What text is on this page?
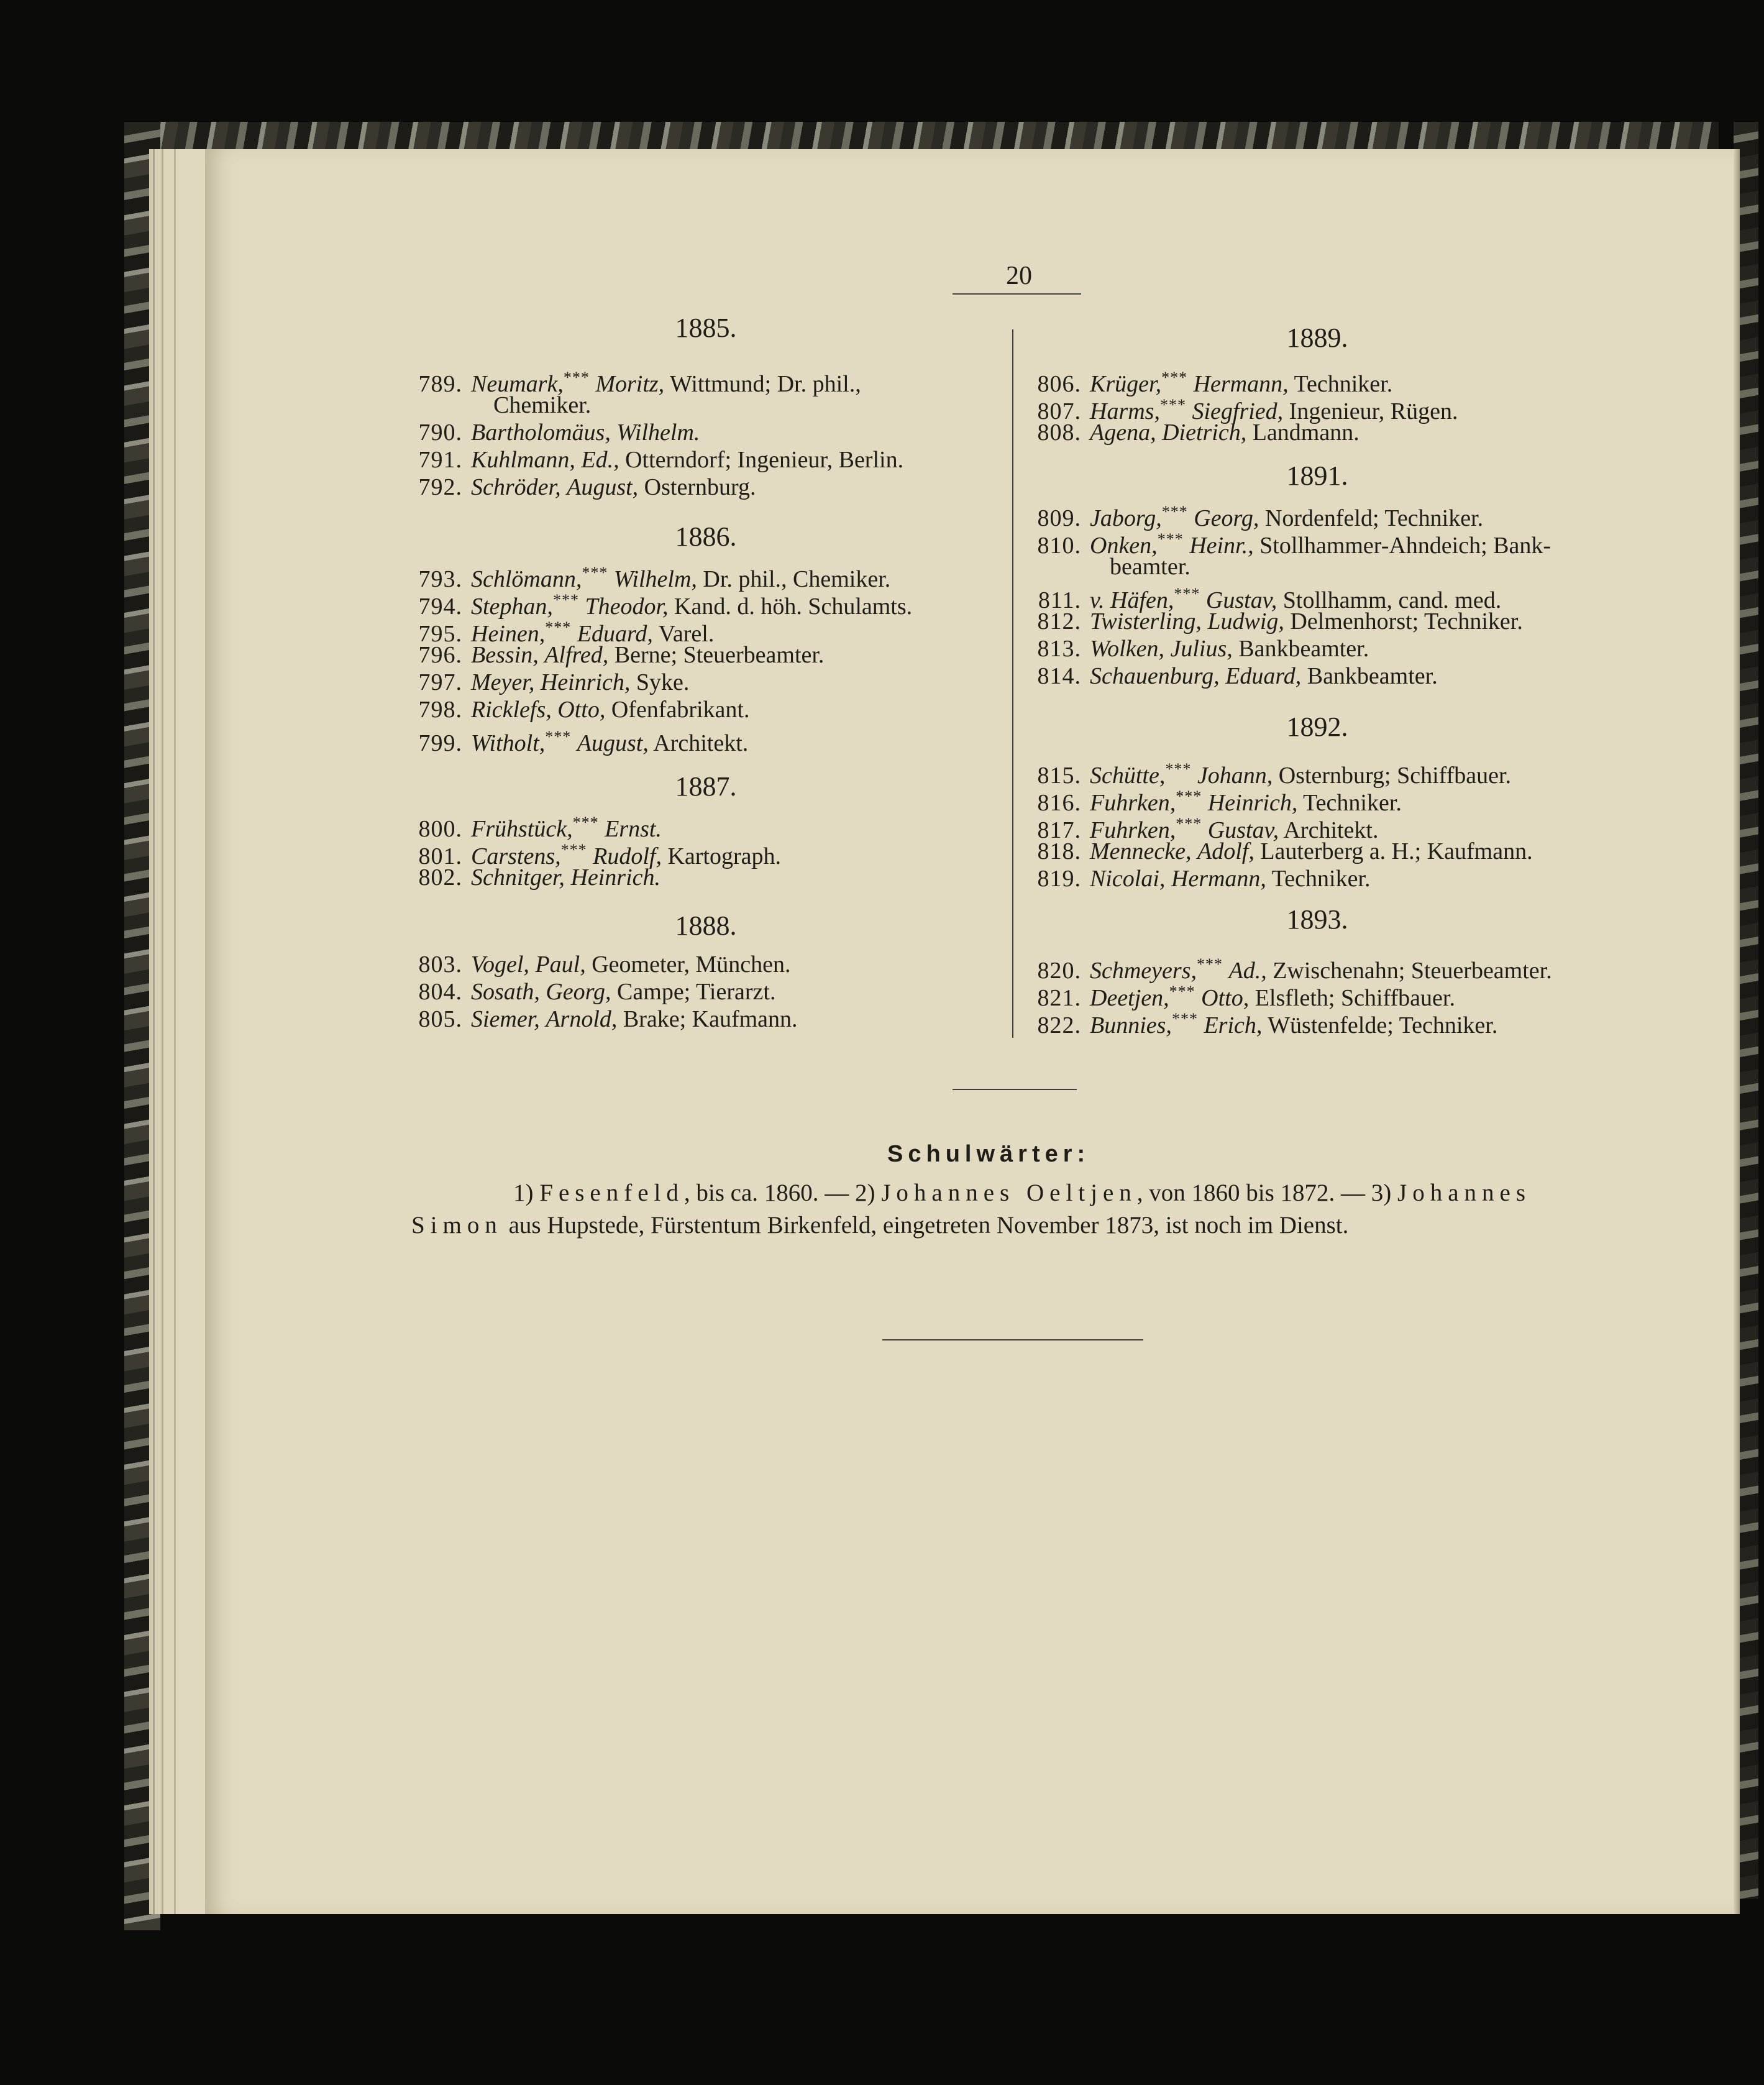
20
1885.
789. Neumark,*** Moritz, Wittmund; Dr. phil.,
Chemiker.
790. Bartholomäus, Wilhelm.
791. Kuhlmann, Ed., Otterndorf; Ingenieur, Berlin.
792. Schröder, August, Osternburg.
1886.
793. Schlömann,*** Wilhelm, Dr. phil., Chemiker.
794. Stephan,*** Theodor, Kand. d. höh. Schulamts.
795. Heinen,*** Eduard, Varel.
796. Bessin, Alfred, Berne; Steuerbeamter.
797. Meyer, Heinrich, Syke.
798. Ricklefs, Otto, Ofenfabrikant.
799. Witholt,*** August, Architekt.
1887.
800. Frühstück,*** Ernst.
801. Carstens,*** Rudolf, Kartograph.
802. Schnitger, Heinrich.
1888.
803. Vogel, Paul, Geometer, München.
804. Sosath, Georg, Campe; Tierarzt.
805. Siemer, Arnold, Brake; Kaufmann.
1889.
806. Krüger,*** Hermann, Techniker.
807. Harms,*** Siegfried, Ingenieur, Rügen.
808. Agena, Dietrich, Landmann.
1891.
809. Jaborg,*** Georg, Nordenfeld; Techniker.
810. Onken,*** Heinr., Stollhammer-Ahndeich; Bank-
beamter.
811. v. Häfen,*** Gustav, Stollhamm, cand. med.
812. Twisterling, Ludwig, Delmenhorst; Techniker.
813. Wolken, Julius, Bankbeamter.
814. Schauenburg, Eduard, Bankbeamter.
1892.
815. Schütte,*** Johann, Osternburg; Schiffbauer.
816. Fuhrken,*** Heinrich, Techniker.
817. Fuhrken,*** Gustav, Architekt.
818. Mennecke, Adolf, Lauterberg a. H.; Kaufmann.
819. Nicolai, Hermann, Techniker.
1893.
820. Schmeyers,*** Ad., Zwischenahn; Steuerbeamter.
821. Deetjen,*** Otto, Elsfleth; Schiffbauer.
822. Bunnies,*** Erich, Wüstenfelde; Techniker.
Schulwärter:
1) Fesenfeld, bis ca. 1860. — 2) Johannes Oeltjen, von 1860 bis 1872. — 3) Johannes
Simon aus Hupstede, Fürstentum Birkenfeld, eingetreten November 1873, ist noch im Dienst.
